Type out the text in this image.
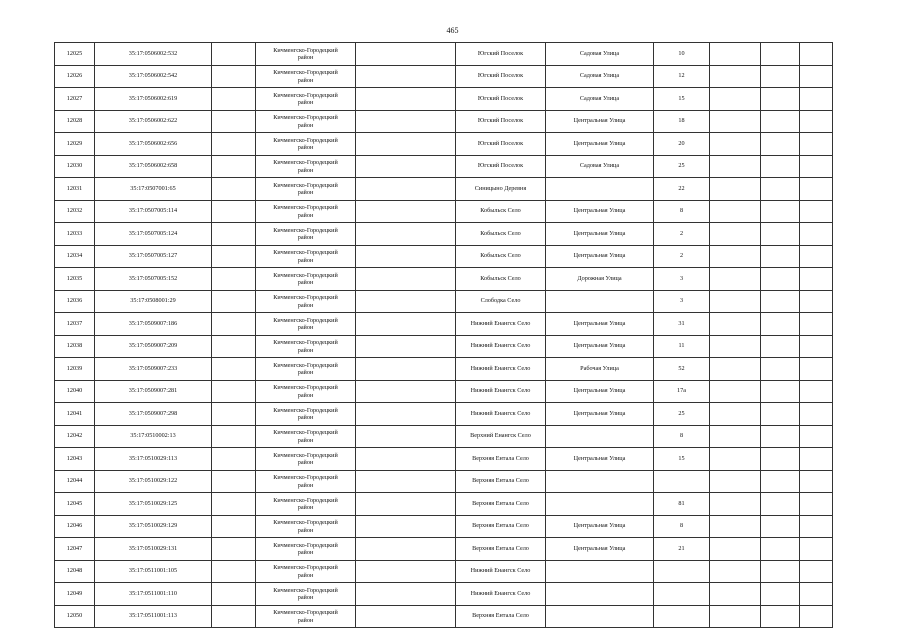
465
12025	35:17:0506002:532		Кичменгско-Городецкий
район		Югский Поселок	Садовая Улица	10			
12026	35:17:0506002:542		Кичменгско-Городецкий
район		Югский Поселок	Садовая Улица	12			
12027	35:17:0506002:619		Кичменгско-Городецкий
район		Югский Поселок	Садовая Улица	15			
12028	35:17:0506002:622		Кичменгско-Городецкий
район		Югский Поселок	Центральная Улица	18			
12029	35:17:0506002:656		Кичменгско-Городецкий
район		Югский Поселок	Центральная Улица	20			
12030	35:17:0506002:658		Кичменгско-Городецкий
район		Югский Поселок	Садовая Улица	25			
12031	35:17:0507001:65		Кичменгско-Городецкий
район		Синицыно Деревня		22			
12032	35:17:0507005:114		Кичменгско-Городецкий
район		Кобыльск Село	Центральная Улица	8			
12033	35:17:0507005:124		Кичменгско-Городецкий
район		Кобыльск Село	Центральная Улица	2			
12034	35:17:0507005:127		Кичменгско-Городецкий
район		Кобыльск Село	Центральная Улица	2			
12035	35:17:0507005:152		Кичменгско-Городецкий
район		Кобыльск Село	Дорожная Улица	3			
12036	35:17:0508001:29		Кичменгско-Городецкий
район		Слободка Село		3			
12037	35:17:0509007:186		Кичменгско-Городецкий
район		Нижний Енангск Село	Центральная Улица	31			
12038	35:17:0509007:209		Кичменгско-Городецкий
район		Нижний Енангск Село	Центральная Улица	11			
12039	35:17:0509007:233		Кичменгско-Городецкий
район		Нижний Енангск Село	Рабочая Улица	52			
12040	35:17:0509007:281		Кичменгско-Городецкий
район		Нижний Енангск Село	Центральная Улица	17а			
12041	35:17:0509007:298		Кичменгско-Городецкий
район		Нижний Енангск Село	Центральная Улица	25			
12042	35:17:0510002:13		Кичменгско-Городецкий
район		Верхний Енангск Село		8			
12043	35:17:0510029:113		Кичменгско-Городецкий
район		Верхняя Ентала Село	Центральная Улица	15			
12044	35:17:0510029:122		Кичменгско-Городецкий
район		Верхняя Ентала Село					
12045	35:17:0510029:125		Кичменгско-Городецкий
район		Верхняя Ентала Село		81			
12046	35:17:0510029:129		Кичменгско-Городецкий
район		Верхняя Ентала Село	Центральная Улица	8			
12047	35:17:0510029:131		Кичменгско-Городецкий
район		Верхняя Ентала Село	Центральная Улица	21			
12048	35:17:0511001:105		Кичменгско-Городецкий
район		Нижний Енангск Село					
12049	35:17:0511001:110		Кичменгско-Городецкий
район		Нижний Енангск Село					
12050	35:17:0511001:113		Кичменгско-Городецкий
район		Верхняя Ентала Село					
